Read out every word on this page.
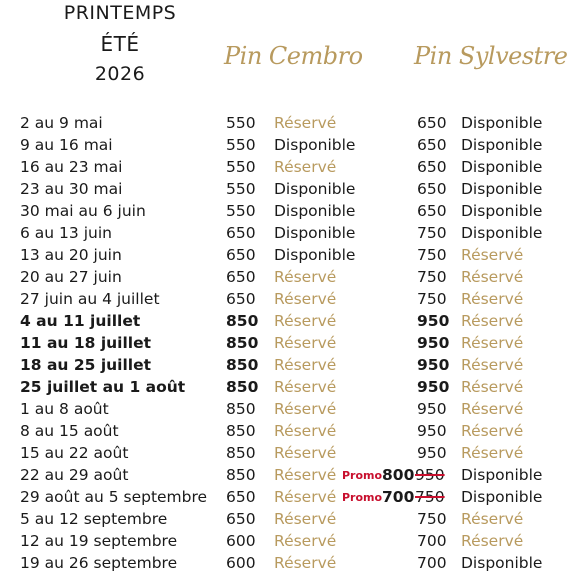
PRINTEMPS
ÉTÉ
2026
Pin Cembro Pin Sylvestre
2 au 9 mai	550 Réservé	650 Disponible
9 au 16 mai	550 Disponible	650 Disponible
16 au 23 mai	550 Réservé	650 Disponible
23 au 30 mai	550 Disponible	650 Disponible
30 mai au 6 juin	550 Disponible	650 Disponible
6 au 13 juin	650 Disponible	750 Disponible
13 au 20 juin	650 Disponible	750 Réservé
20 au 27 juin	650 Réservé	750 Réservé
27 juin au 4 juillet	650 Réservé	750 Réservé
4 au 11 juillet	850 Réservé	950 Réservé
11 au 18 juillet	850 Réservé	950 Réservé
18 au 25 juillet	850 Réservé	950 Réservé
25 juillet au 1 août	850 Réservé	950 Réservé
1 au 8 août	850 Réservé	950 Réservé
8 au 15 août	850 Réservé	950 Réservé
15 au 22 août	850 Réservé	950 Réservé
22 au 29 août	850 Réservé Promo 800 950 Disponible
29 août au 5 septembre 650 Réservé Promo 700 750 Disponible
5 au 12 septembre	650 Réservé	750 Réservé
12 au 19 septembre	600 Réservé	700 Réservé
19 au 26 septembre	600 Réservé	700 Disponible
